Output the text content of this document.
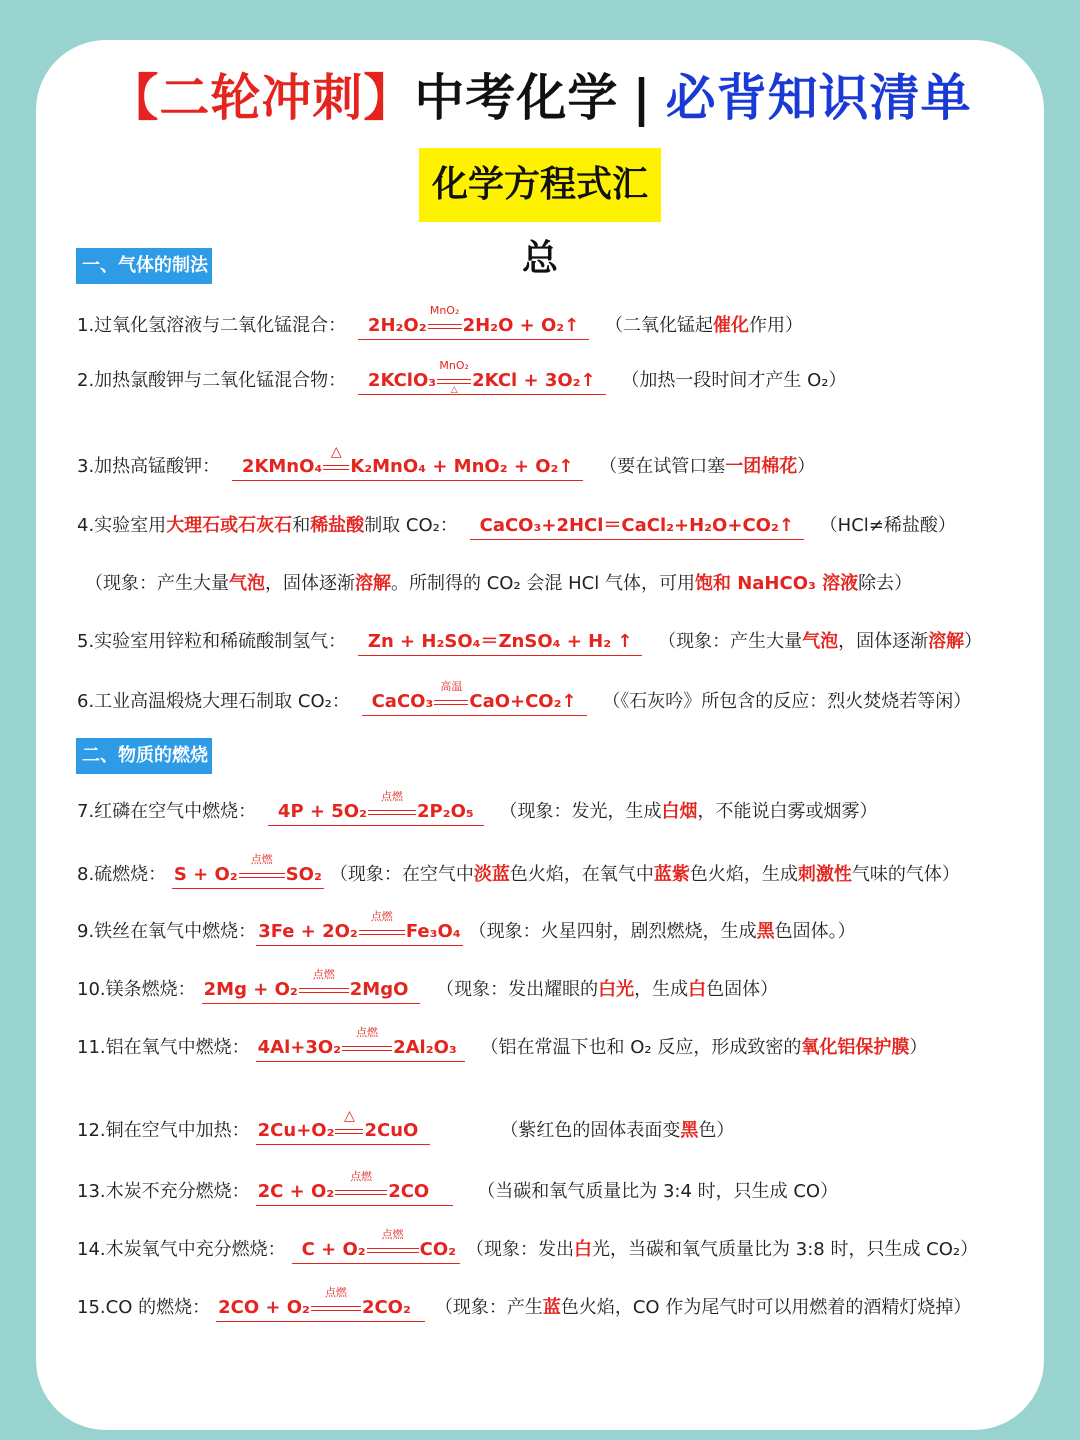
【二轮冲刺】中考化学 | 必背知识清单
化学方程式汇总
一、气体的制法
1.过氧化氢溶液与二氧化锰混合： 2H₂O₂
MnO₂
2H₂O + O₂↑ （二氧化锰起催化作用）
2.加热氯酸钾与二氧化锰混合物： 2KClO₃
MnO₂
△ 2KCl + 3O₂↑ （加热一段时间才产生 O₂）
3.加热高锰酸钾： 2KMnO₄
△
K₂MnO₄ + MnO₂ + O₂↑ （要在试管口塞一团棉花）
4.实验室用大理石或石灰石和稀盐酸制取 CO₂： CaCO₃+2HCl＝CaCl₂+H₂O+CO₂↑ （HCl≠稀盐酸）
（现象：产生大量气泡，固体逐渐溶解。所制得的 CO₂ 会混 HCl 气体，可用饱和 NaHCO₃ 溶液除去）
5.实验室用锌粒和稀硫酸制氢气： Zn + H₂SO₄＝ZnSO₄ + H₂ ↑ （现象：产生大量气泡，固体逐渐溶解）
6.工业高温煅烧大理石制取 CO₂： CaCO₃
高温
CaO+CO₂↑ （《石灰吟》所包含的反应：烈火焚烧若等闲）
二、物质的燃烧
7.红磷在空气中燃烧： 4P + 5O₂
点燃
2P₂O₅ （现象：发光，生成白烟，不能说白雾或烟雾）
8.硫燃烧： S + O₂
点燃
SO₂ （现象：在空气中淡蓝色火焰，在氧气中蓝紫色火焰，生成刺激性气味的气体）
9.铁丝在氧气中燃烧： 3Fe + 2O₂
点燃
Fe₃O₄ （现象：火星四射，剧烈燃烧，生成黑色固体。）
10.镁条燃烧： 2Mg + O₂
点燃
2MgO （现象：发出耀眼的白光，生成白色固体）
11.铝在氧气中燃烧： 4Al+3O₂
点燃
2Al₂O₃ （铝在常温下也和 O₂ 反应，形成致密的氧化铝保护膜）
12.铜在空气中加热： 2Cu+O₂
△
2CuO	（紫红色的固体表面变黑色）
13.木炭不充分燃烧： 2C + O₂
点燃
2CO	（当碳和氧气质量比为 3:4 时，只生成 CO）
14.木炭氧气中充分燃烧： C + O₂
点燃
CO₂ （现象：发出白光，当碳和氧气质量比为 3:8 时，只生成 CO₂）
15.CO 的燃烧： 2CO + O₂
点燃
2CO₂ （现象：产生蓝色火焰，CO 作为尾气时可以用燃着的酒精灯烧掉）
